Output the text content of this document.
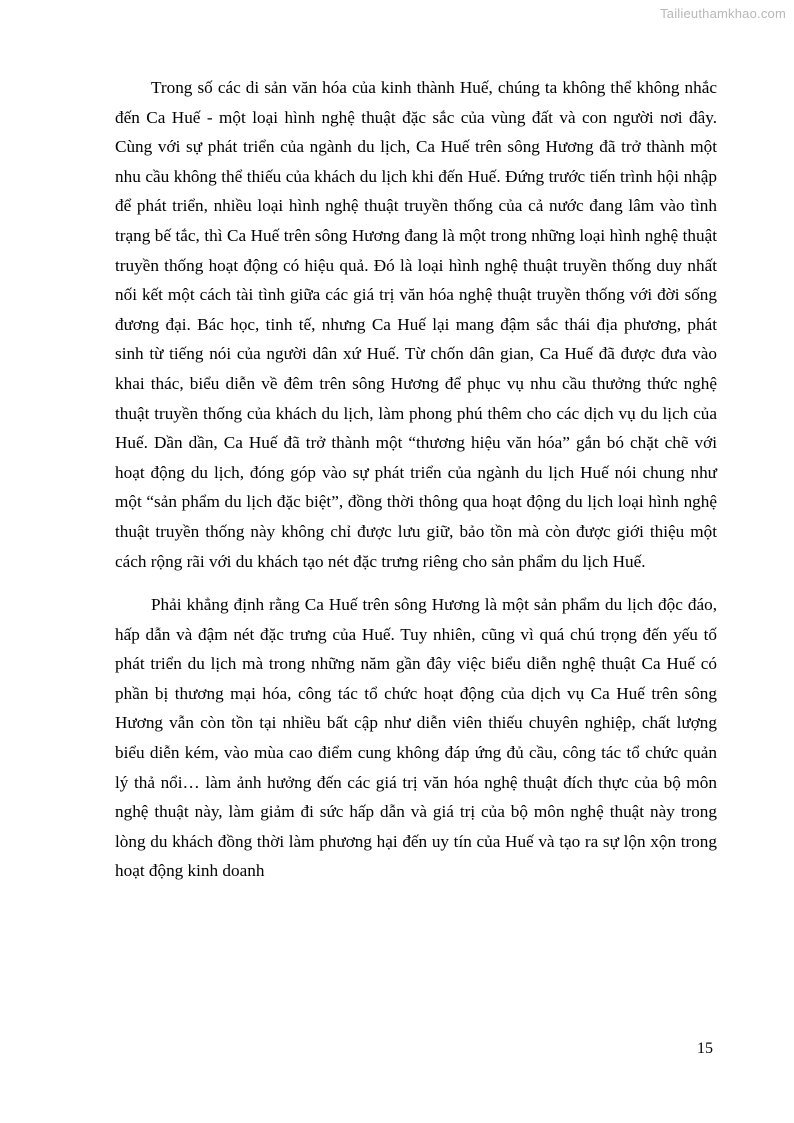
Tailieuthamkhao.com

Trong số các di sản văn hóa của kinh thành Huế, chúng ta không thể không nhắc đến Ca Huế - một loại hình nghệ thuật đặc sắc của vùng đất và con người nơi đây. Cùng với sự phát triển của ngành du lịch, Ca Huế trên sông Hương đã trở thành một nhu cầu không thể thiếu của khách du lịch khi đến Huế. Đứng trước tiến trình hội nhập để phát triển, nhiều loại hình nghệ thuật truyền thống của cả nước đang lâm vào tình trạng bế tắc, thì Ca Huế trên sông Hương đang là một trong những loại hình nghệ thuật truyền thống hoạt động có hiệu quả. Đó là loại hình nghệ thuật truyền thống duy nhất nối kết một cách tài tình giữa các giá trị văn hóa nghệ thuật truyền thống với đời sống đương đại. Bác học, tinh tế, nhưng Ca Huế lại mang đậm sắc thái địa phương, phát sinh từ tiếng nói của người dân xứ Huế. Từ chốn dân gian, Ca Huế đã được đưa vào khai thác, biểu diễn về đêm trên sông Hương để phục vụ nhu cầu thưởng thức nghệ thuật truyền thống của khách du lịch, làm phong phú thêm cho các dịch vụ du lịch của Huế. Dần dần, Ca Huế đã trở thành một “thương hiệu văn hóa” gắn bó chặt chẽ với hoạt động du lịch, đóng góp vào sự phát triển của ngành du lịch Huế nói chung như một “sản phẩm du lịch đặc biệt”, đồng thời thông qua hoạt động du lịch loại hình nghệ thuật truyền thống này không chỉ được lưu giữ, bảo tồn mà còn được giới thiệu một cách rộng rãi với du khách tạo nét đặc trưng riêng cho sản phẩm du lịch Huế.

Phải khẳng định rằng Ca Huế trên sông Hương là một sản phẩm du lịch độc đáo, hấp dẫn và đậm nét đặc trưng của Huế. Tuy nhiên, cũng vì quá chú trọng đến yếu tố phát triển du lịch mà trong những năm gần đây việc biểu diễn nghệ thuật Ca Huế có phần bị thương mại hóa, công tác tổ chức hoạt động của dịch vụ Ca Huế trên sông Hương vẫn còn tồn tại nhiều bất cập như diễn viên thiếu chuyên nghiệp, chất lượng biểu diễn kém, vào mùa cao điểm cung không đáp ứng đủ cầu, công tác tổ chức quản lý thả nổi… làm ảnh hưởng đến các giá trị văn hóa nghệ thuật đích thực của bộ môn nghệ thuật này, làm giảm đi sức hấp dẫn và giá trị của bộ môn nghệ thuật này trong lòng du khách đồng thời làm phương hại đến uy tín của Huế và tạo ra sự lộn xộn trong hoạt động kinh doanh

15
